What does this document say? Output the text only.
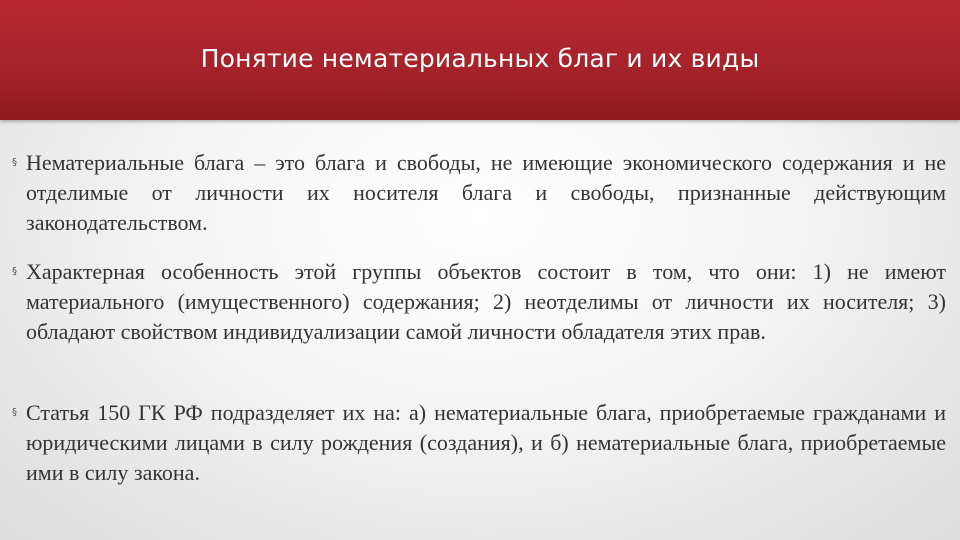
Понятие нематериальных благ и их виды
§ Нематериальные блага – это блага и свободы, не имеющие экономического содержания и не отделимые от личности их носителя блага и свободы, признанные действующим законодательством.
§ Характерная особенность этой группы объектов состоит в том, что они: 1) не имеют материального (имущественного) содержания; 2) неотделимы от личности их носителя; 3) обладают свойством индивидуализации самой личности обладателя этих прав.
§ Статья 150 ГК РФ подразделяет их на: а) нематериальные блага, приобретаемые гражданами и юридическими лицами в силу рождения (создания), и б) нематериальные блага, приобретаемые ими в силу закона.
